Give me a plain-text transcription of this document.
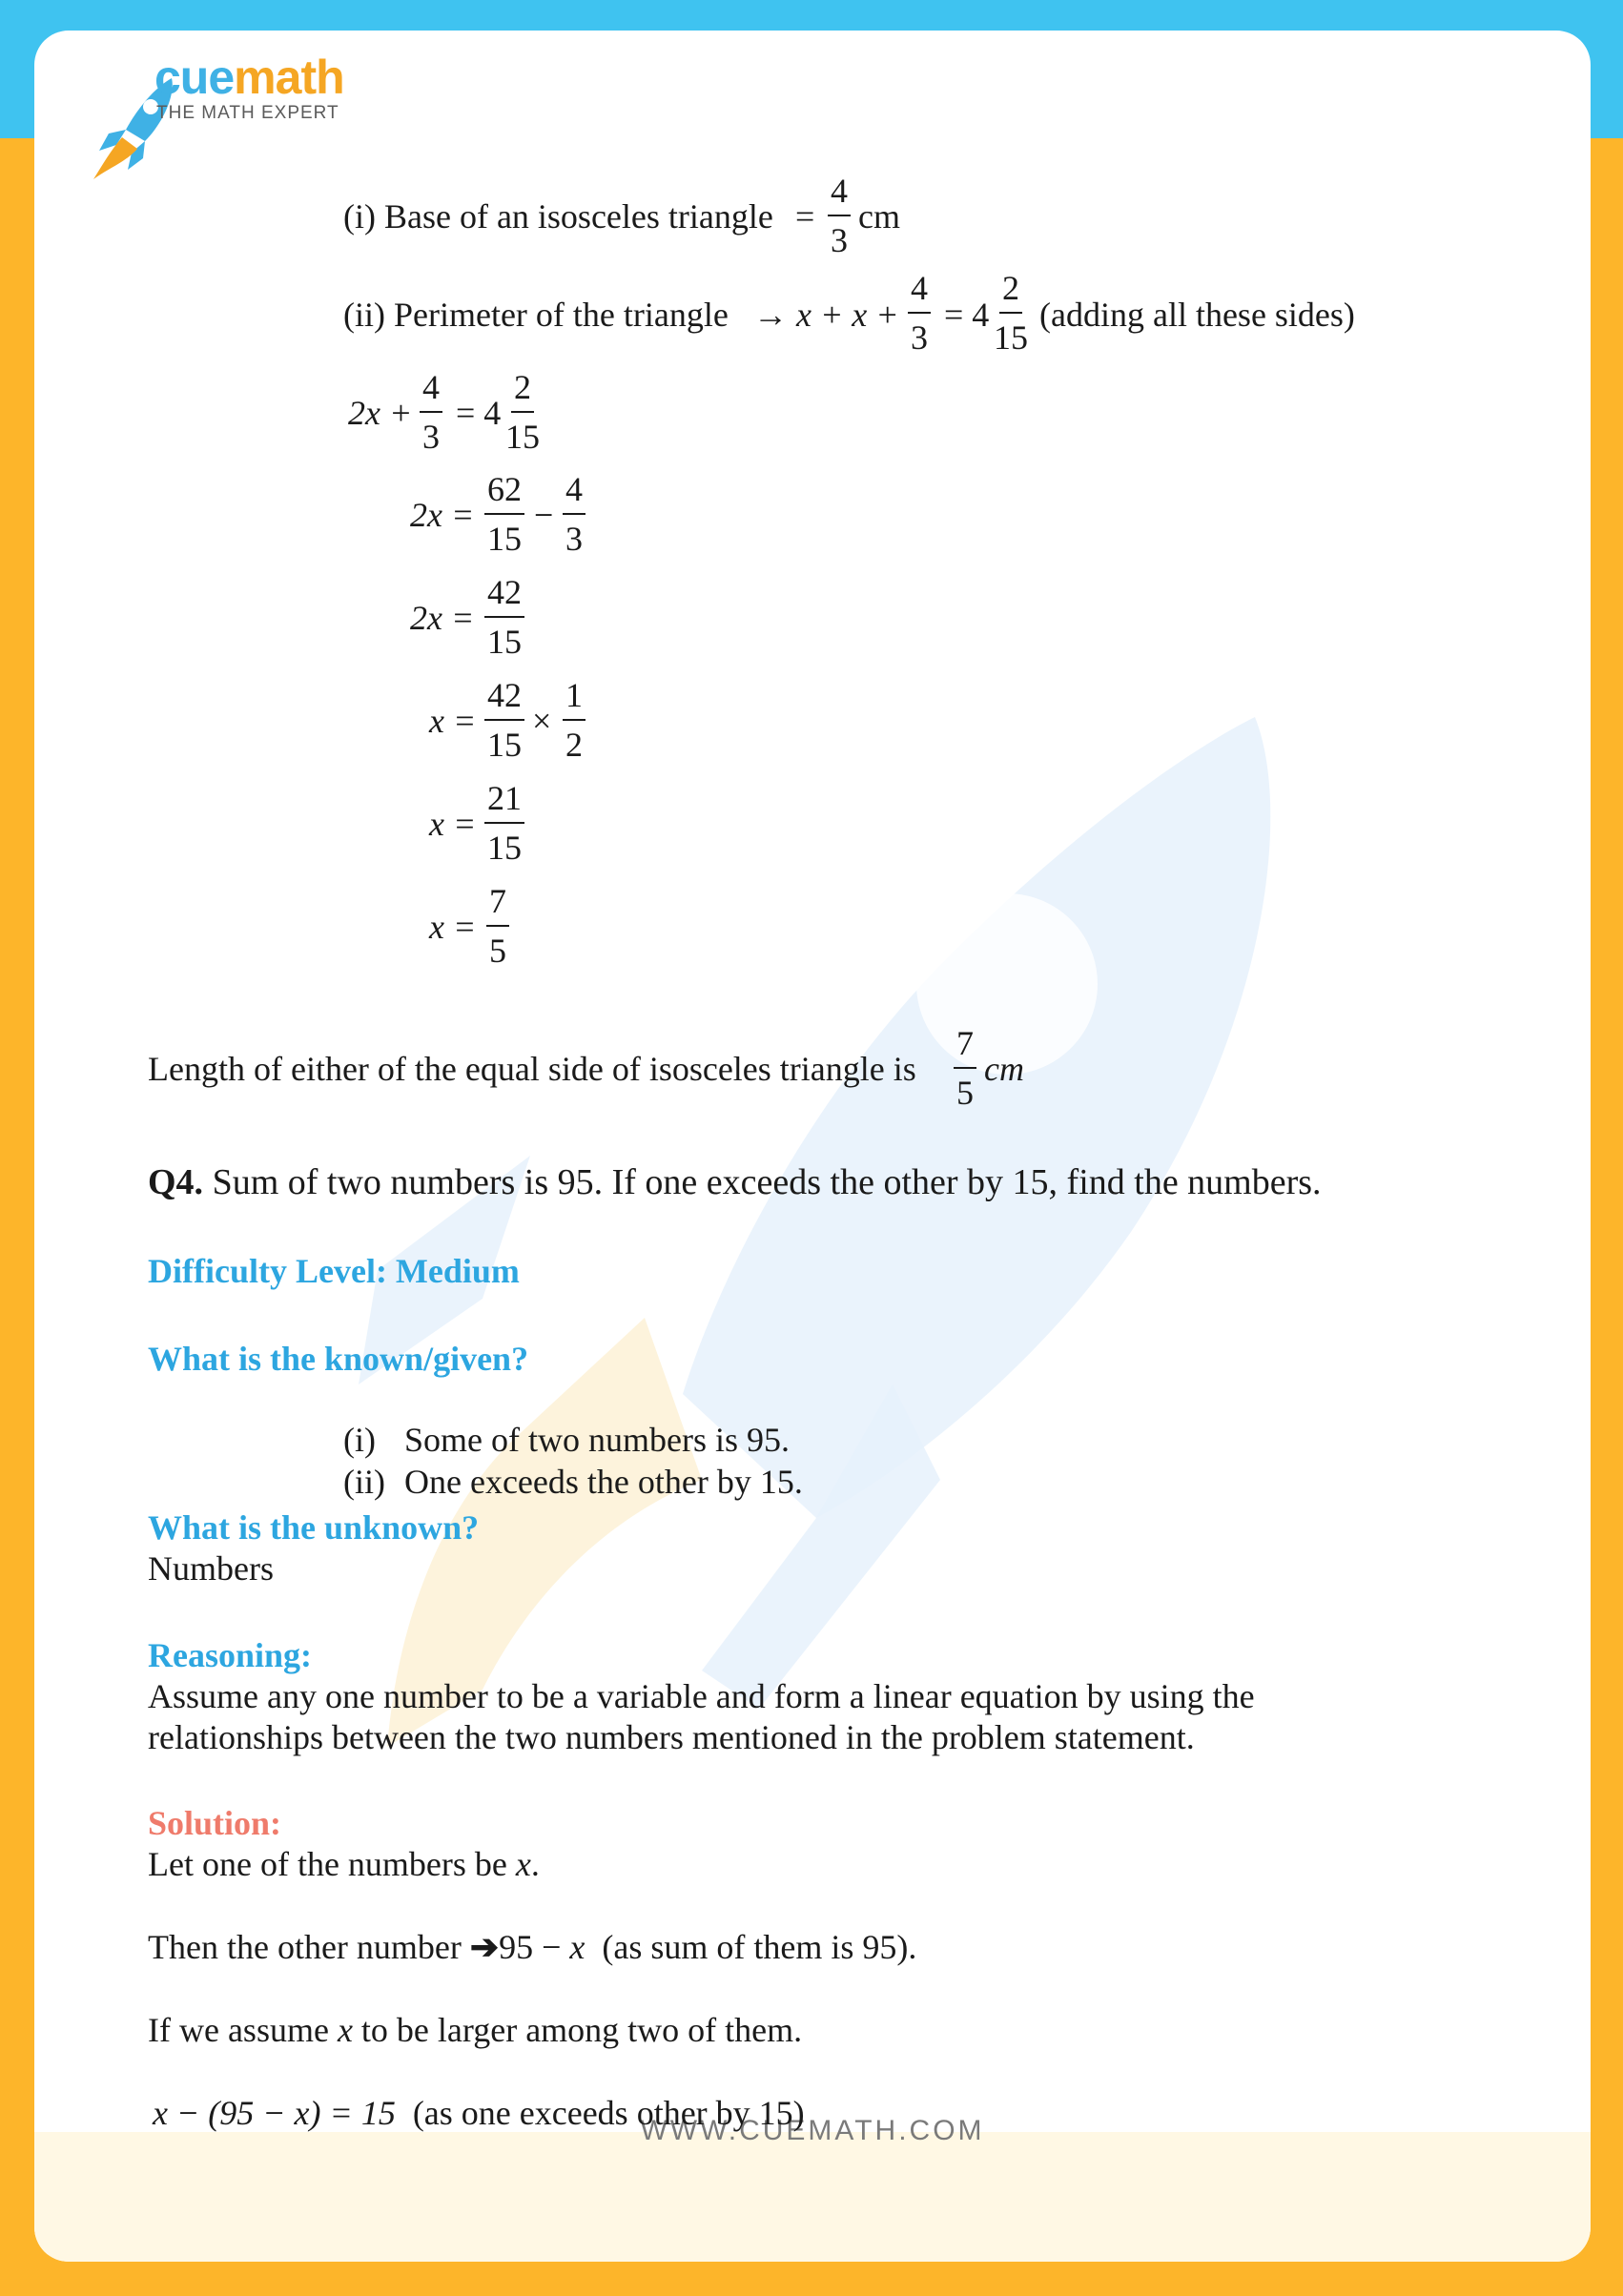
WWW.CUEMATH.COM
cuemath
THE MATH EXPERT
(i) Base of an isosceles triangle = $\frac{4}{3}$ cm
(ii) Perimeter of the triangle → $x + x + \frac{4}{3} = 4 \frac{2}{15}$ (adding all these sides)
$2x + \frac{4}{3} = 4 \frac{2}{15}$
$2x = \frac{62}{15} - \frac{4}{3}$
$2x = \frac{42}{15}$
$x = \frac{42}{15} \times \frac{1}{2}$
$x = \frac{21}{15}$
$x = \frac{7}{5}$
Length of either of the equal side of isosceles triangle is $\frac{7}{5}$ cm
Q4. Sum of two numbers is 95. If one exceeds the other by 15, find the numbers.
Difficulty Level: Medium
What is the known/given?
(i) Some of two numbers is 95.
(ii) One exceeds the other by 15.
What is the unknown?
Numbers
Reasoning:
Assume any one number to be a variable and form a linear equation by using the
relationships between the two numbers mentioned in the problem statement.
Solution:
Let one of the numbers be x.
Then the other number ➔95 − x (as sum of them is 95).
If we assume x to be larger among two of them.
x − (95 − x) = 15 (as one exceeds other by 15)
